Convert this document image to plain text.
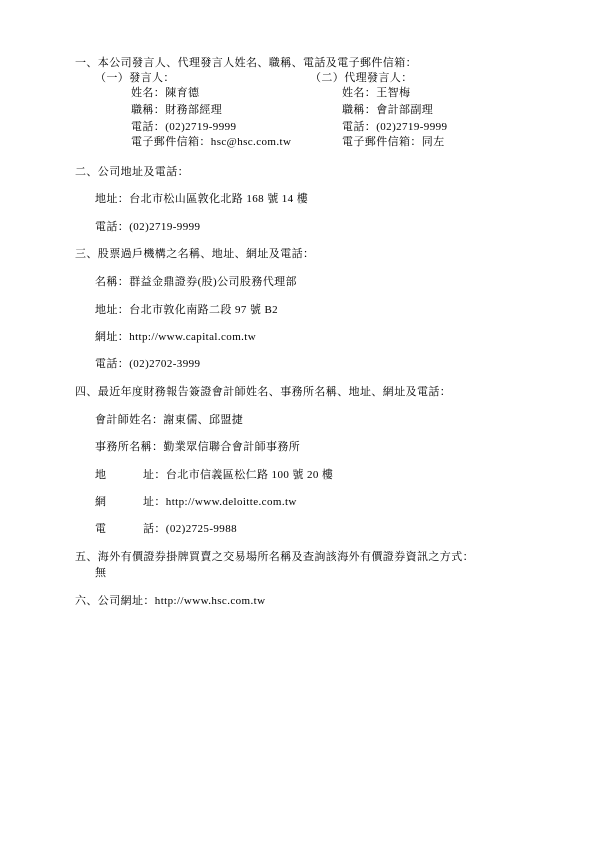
一、本公司發言人、代理發言人姓名、職稱、電話及電子郵件信箱：
（一）發言人：	（二）代理發言人：
姓名：陳育德	姓名：王智梅
職稱：財務部經理	職稱：會計部副理
電話：(02)2719-9999	電話：(02)2719-9999
電子郵件信箱：hsc@hsc.com.tw	電子郵件信箱：同左
二、公司地址及電話：
地址：台北市松山區敦化北路 168 號 14 樓
電話：(02)2719-9999
三、股票過戶機構之名稱、地址、網址及電話：
名稱：群益金鼎證券(股)公司股務代理部
地址：台北市敦化南路二段 97 號 B2
網址：http://www.capital.com.tw
電話：(02)2702-3999
四、最近年度財務報告簽證會計師姓名、事務所名稱、地址、網址及電話：
會計師姓名：謝東儒、邱盟捷
事務所名稱：勤業眾信聯合會計師事務所
地	址：台北市信義區松仁路 100 號 20 樓
網	址：http://www.deloitte.com.tw
電	話：(02)2725-9988
五、海外有價證券掛牌買賣之交易場所名稱及查詢該海外有價證券資訊之方式：
無
六、公司網址：http://www.hsc.com.tw
